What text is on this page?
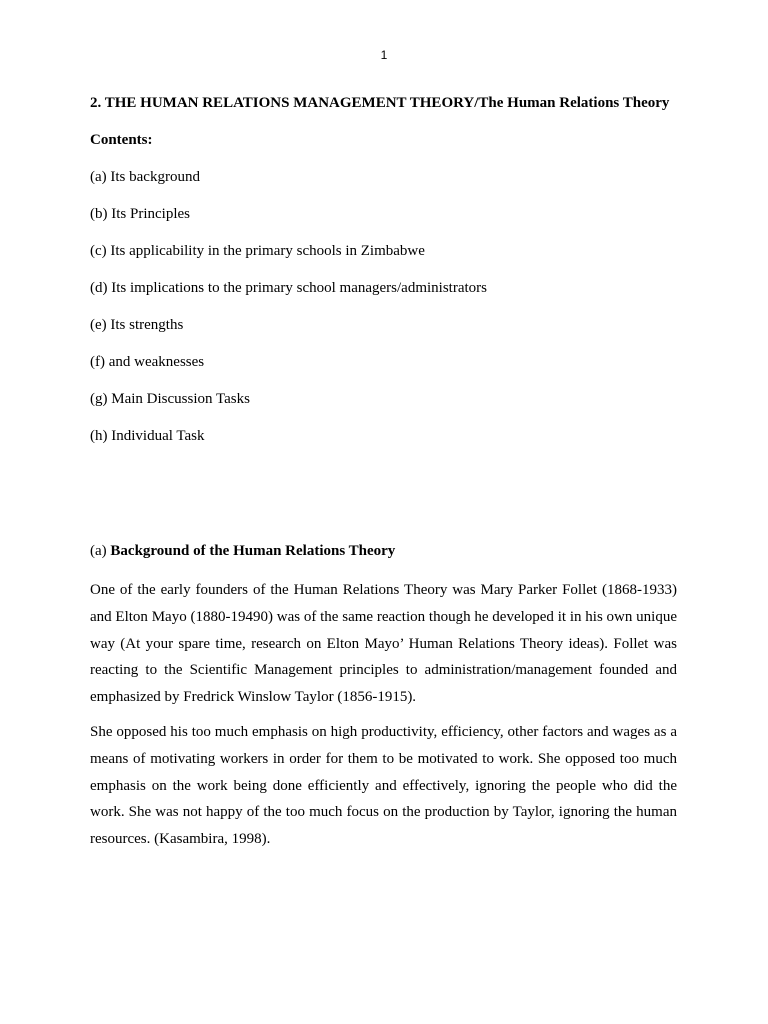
1

2. THE HUMAN RELATIONS MANAGEMENT THEORY/The Human Relations Theory

Contents:

(a) Its background
(b) Its Principles
(c) Its applicability in the primary schools in Zimbabwe
(d) Its implications to the primary school managers/administrators
(e) Its strengths
(f) and weaknesses
(g) Main Discussion Tasks
(h) Individual Task

(a) Background of the Human Relations Theory

One of the early founders of the Human Relations Theory was Mary Parker Follet (1868-1933) and Elton Mayo (1880-19490) was of the same reaction though he developed it in his own unique way (At your spare time, research on Elton Mayo’ Human Relations Theory ideas). Follet was reacting to the Scientific Management principles to administration/management founded and emphasized by Fredrick Winslow Taylor (1856-1915).

She opposed his too much emphasis on high productivity, efficiency, other factors and wages as a means of motivating workers in order for them to be motivated to work. She opposed too much emphasis on the work being done efficiently and effectively, ignoring the people who did the work. She was not happy of the too much focus on the production by Taylor, ignoring the human resources. (Kasambira, 1998).
